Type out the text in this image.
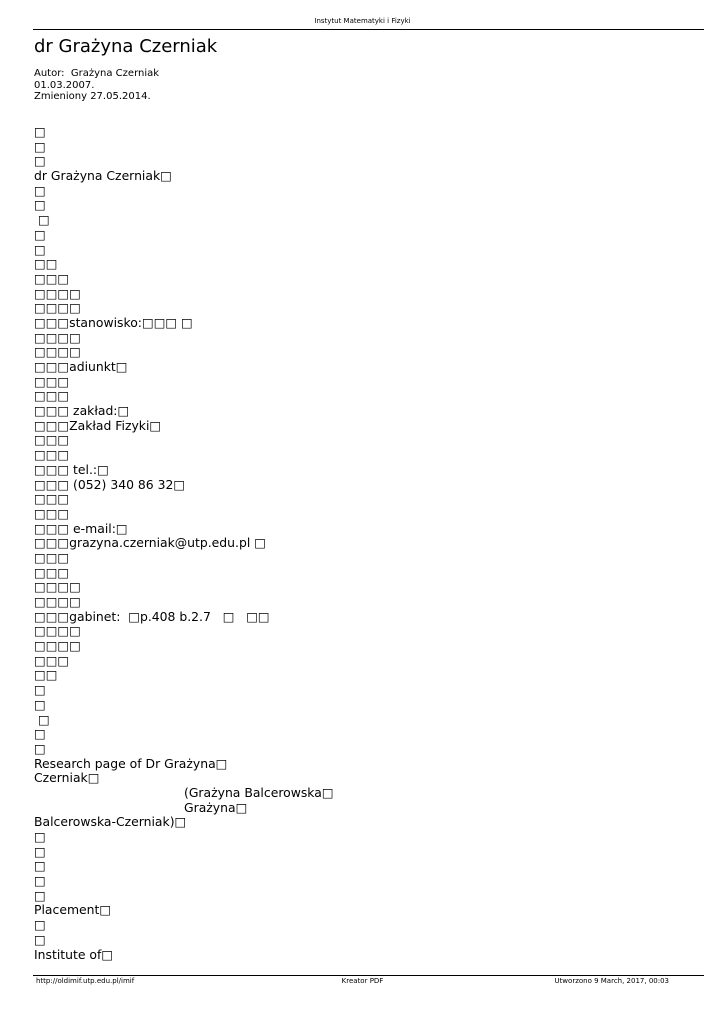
Instytut Matematyki i Fizyki
dr Grażyna Czerniak
Autor:  Grażyna Czerniak
01.03.2007.
Zmieniony 27.05.2014.
□
□
□
dr Grażyna Czerniak□
□
□
□
□
□
□□
□□□
□□□□
□□□□
□□□stanowisko:□□□ □
□□□□
□□□□
□□□adiunkt□
□□□
□□□
□□□ zakład:□
□□□Zakład Fizyki□
□□□
□□□
□□□ tel.:□
□□□ (052) 340 86 32□
□□□
□□□
□□□ e-mail:□
□□□grazyna.czerniak@utp.edu.pl □
□□□
□□□
□□□□
□□□□
□□□gabinet:  □p.408 b.2.7   □   □□
□□□□
□□□□
□□□
□□
□
□
□
□
□
Research page of Dr Grażyna□
Czerniak□
(Grażyna Balcerowska□
Grażyna□
Balcerowska-Czerniak)□
□
□
□
□
□
Placement□
□
□
Institute of□
http://oldimif.utp.edu.pl/imif	Kreator PDF	Utworzono 9 March, 2017, 00:03
